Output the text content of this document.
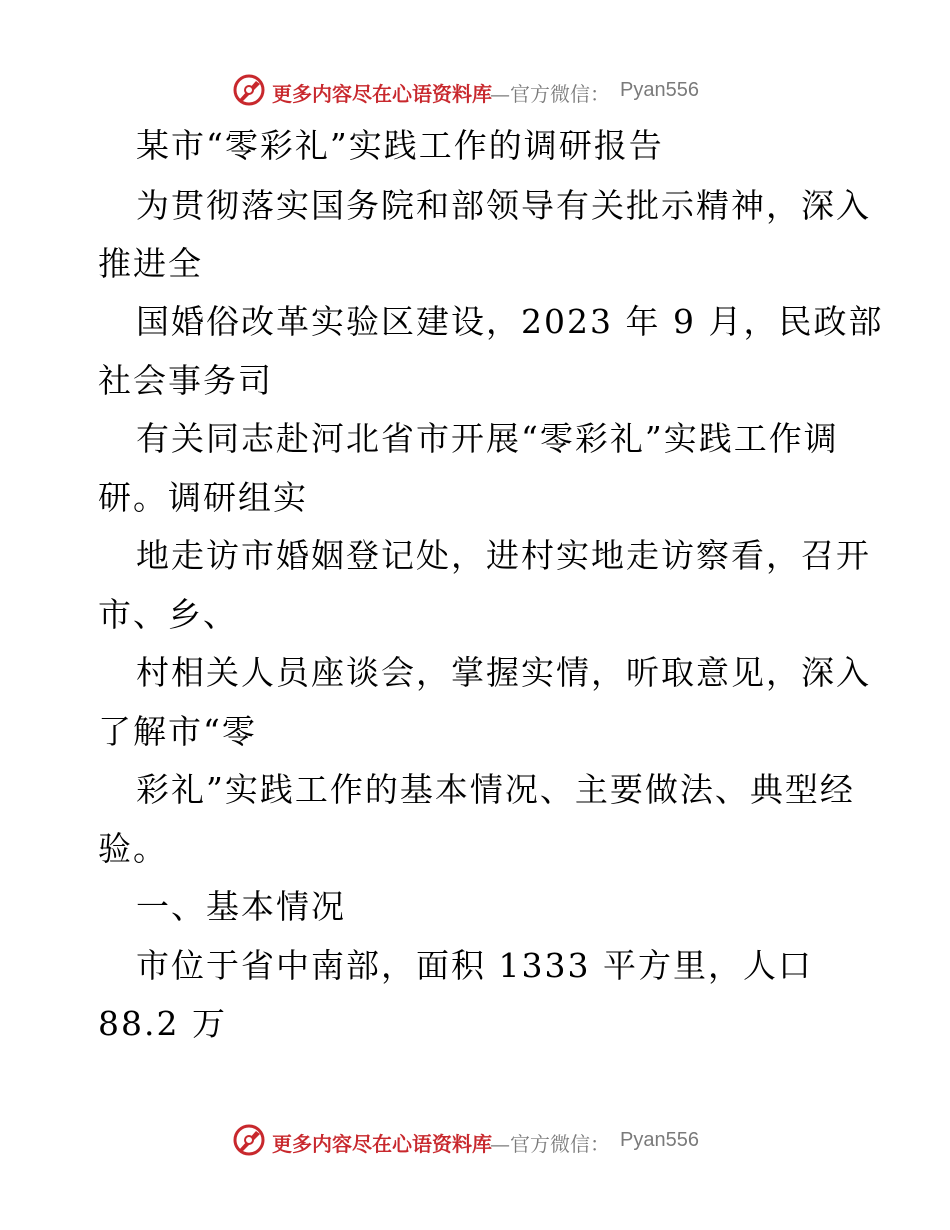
更多内容尽在心语资料库
—官方微信： Pyan556
某市“零彩礼”实践工作的调研报告
为贯彻落实国务院和部领导有关批示精神，深入
推进全
国婚俗改革实验区建设，2023 年 9 月，民政部
社会事务司
有关同志赴河北省市开展“零彩礼”实践工作调
研。调研组实
地走访市婚姻登记处，进村实地走访察看，召开
市、乡、
村相关人员座谈会，掌握实情，听取意见，深入
了解市“零
彩礼”实践工作的基本情况、主要做法、典型经
验。
一、基本情况
市位于省中南部，面积 1333 平方里，人口
88.2 万
更多内容尽在心语资料库
—官方微信： Pyan556
